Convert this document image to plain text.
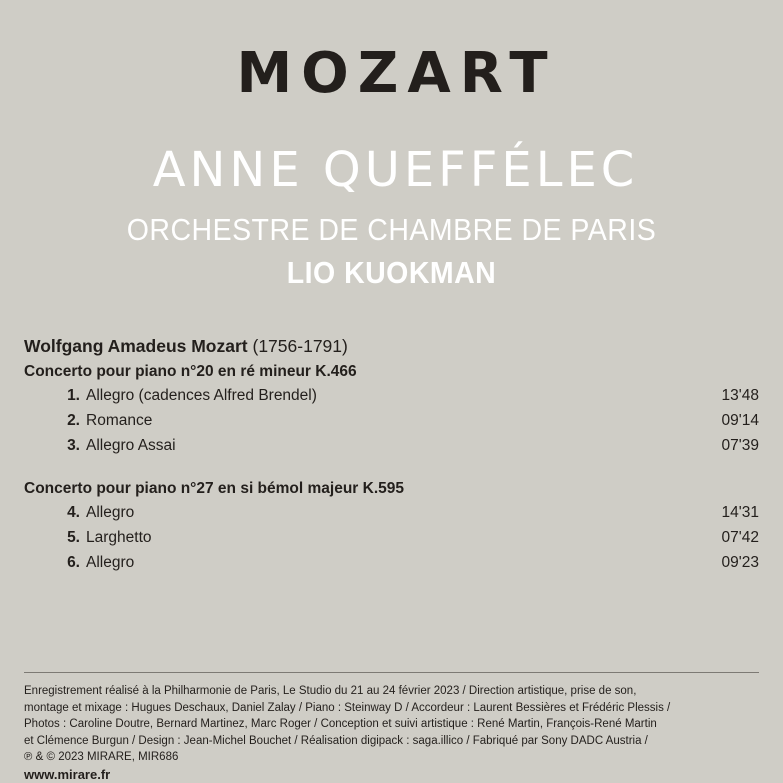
MOZART
ANNE QUEFFÉLEC
ORCHESTRE DE CHAMBRE DE PARIS
LIO KUOKMAN

Wolfgang Amadeus Mozart (1756-1791)

Concerto pour piano n°20 en ré mineur K.466
1. Allegro (cadences Alfred Brendel)	13'48
2. Romance	09'14
3. Allegro Assai	07'39
Concerto pour piano n°27 en si bémol majeur K.595
4. Allegro	14'31
5. Larghetto	07'42
6. Allegro	09'23
Enregistrement réalisé à la Philharmonie de Paris, Le Studio du 21 au 24 février 2023 / Direction artistique, prise de son,
montage et mixage : Hugues Deschaux, Daniel Zalay / Piano : Steinway D / Accordeur : Laurent Bessières et Frédéric Plessis /
Photos : Caroline Doutre, Bernard Martinez, Marc Roger / Conception et suivi artistique : René Martin, François-René Martin
et Clémence Burgun / Design : Jean-Michel Bouchet / Réalisation digipack : saga.illico / Fabriqué par Sony DADC Austria /
℗ & © 2023 MIRARE, MIR686
www.mirare.fr
